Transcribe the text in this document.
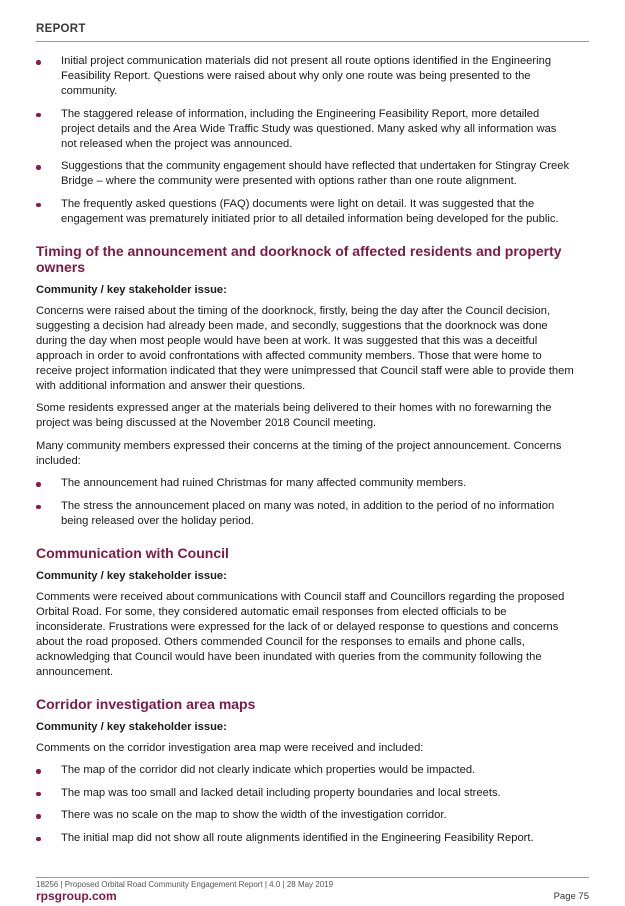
REPORT
Initial project communication materials did not present all route options identified in the Engineering Feasibility Report. Questions were raised about why only one route was being presented to the community.
The staggered release of information, including the Engineering Feasibility Report, more detailed project details and the Area Wide Traffic Study was questioned. Many asked why all information was not released when the project was announced.
Suggestions that the community engagement should have reflected that undertaken for Stingray Creek Bridge – where the community were presented with options rather than one route alignment.
The frequently asked questions (FAQ) documents were light on detail. It was suggested that the engagement was prematurely initiated prior to all detailed information being developed for the public.
Timing of the announcement and doorknock of affected residents and property owners
Community / key stakeholder issue:

Concerns were raised about the timing of the doorknock, firstly, being the day after the Council decision, suggesting a decision had already been made, and secondly, suggestions that the doorknock was done during the day when most people would have been at work. It was suggested that this was a deceitful approach in order to avoid confrontations with affected community members. Those that were home to receive project information indicated that they were unimpressed that Council staff were able to provide them with additional information and answer their questions.

Some residents expressed anger at the materials being delivered to their homes with no forewarning the project was being discussed at the November 2018 Council meeting.

Many community members expressed their concerns at the timing of the project announcement. Concerns included:

The announcement had ruined Christmas for many affected community members.
The stress the announcement placed on many was noted, in addition to the period of no information being released over the holiday period.
Communication with Council
Community / key stakeholder issue:

Comments were received about communications with Council staff and Councillors regarding the proposed Orbital Road. For some, they considered automatic email responses from elected officials to be inconsiderate. Frustrations were expressed for the lack of or delayed response to questions and concerns about the road proposed. Others commended Council for the responses to emails and phone calls, acknowledging that Council would have been inundated with queries from the community following the announcement.

Corridor investigation area maps
Community / key stakeholder issue:

Comments on the corridor investigation area map were received and included:

The map of the corridor did not clearly indicate which properties would be impacted.
The map was too small and lacked detail including property boundaries and local streets.
There was no scale on the map to show the width of the investigation corridor.
The initial map did not show all route alignments identified in the Engineering Feasibility Report.
18256 | Proposed Orbital Road Community Engagement Report | 4.0 | 28 May 2019
rpsgroup.com	Page 75
